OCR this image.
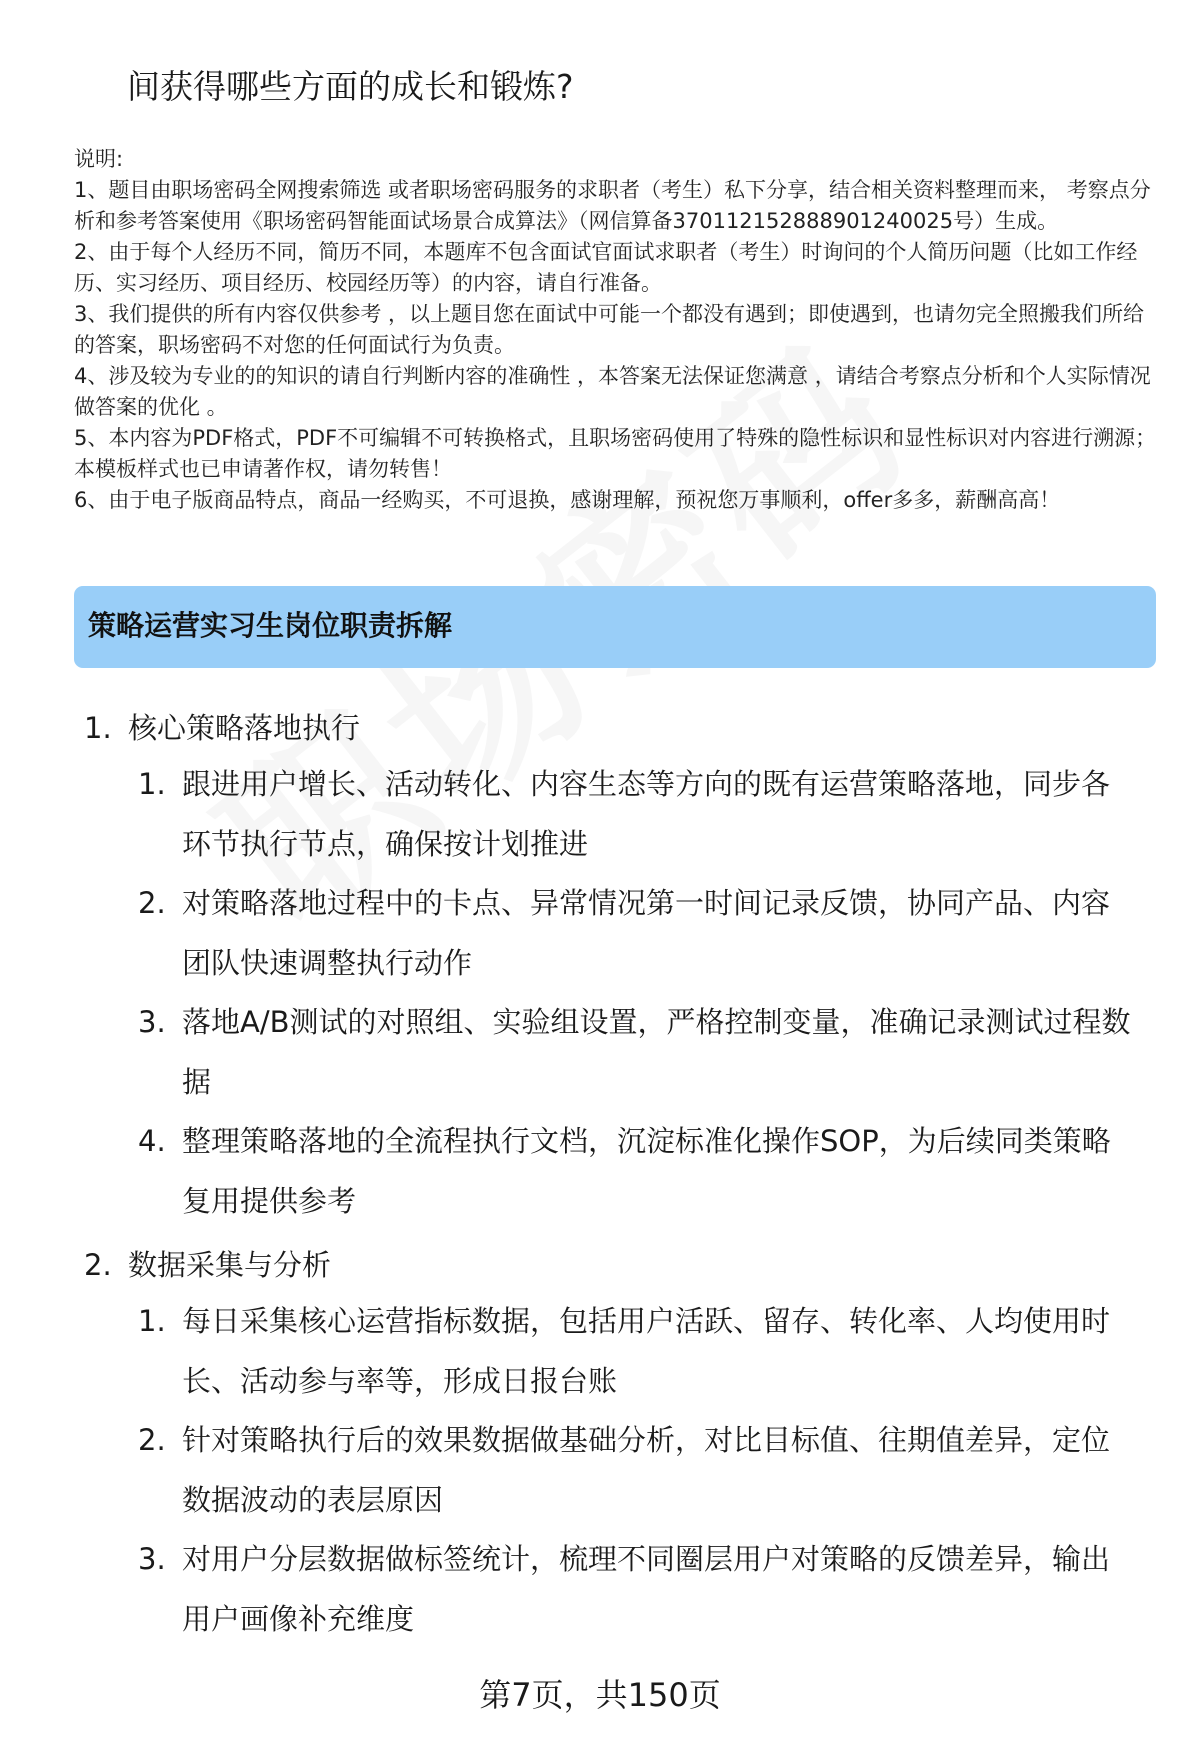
间获得哪些方面的成长和锻炼?

说明:

1、题目由职场密码全网搜索筛选 或者职场密码服务的求职者（考生）私下分享，结合相关资料整理而来， 考察点分析和参考答案使用《职场密码智能面试场景合成算法》（网信算备370112152888901240025号）生成。

2、由于每个人经历不同，简历不同，本题库不包含面试官面试求职者（考生）时询问的个人简历问题（比如工作经历、实习经历、项目经历、校园经历等）的内容，请自行准备。

3、我们提供的所有内容仅供参考 ，以上题目您在面试中可能一个都没有遇到；即使遇到，也请勿完全照搬我们所给的答案，职场密码不对您的任何面试行为负责。

4、涉及较为专业的的知识的请自行判断内容的准确性 ，本答案无法保证您满意 ，请结合考察点分析和个人实际情况做答案的优化 。

5、本内容为PDF格式，PDF不可编辑不可转换格式，且职场密码使用了特殊的隐性标识和显性标识对内容进行溯源；本模板样式也已申请著作权，请勿转售！

6、由于电子版商品特点，商品一经购买，不可退换，感谢理解，预祝您万事顺利，offer多多，薪酬高高！

策略运营实习生岗位职责拆解
1. 核心策略落地执行
1. 跟进用户增长、活动转化、内容生态等方向的既有运营策略落地，同步各环节执行节点，确保按计划推进
2. 对策略落地过程中的卡点、异常情况第一时间记录反馈，协同产品、内容团队快速调整执行动作
3. 落地A/B测试的对照组、实验组设置，严格控制变量，准确记录测试过程数据
4. 整理策略落地的全流程执行文档，沉淀标准化操作SOP，为后续同类策略复用提供参考
2. 数据采集与分析
1. 每日采集核心运营指标数据，包括用户活跃、留存、转化率、人均使用时长、活动参与率等，形成日报台账
2. 针对策略执行后的效果数据做基础分析，对比目标值、往期值差异，定位数据波动的表层原因
3. 对用户分层数据做标签统计，梳理不同圈层用户对策略的反馈差异，输出用户画像补充维度
第7页，共150页
